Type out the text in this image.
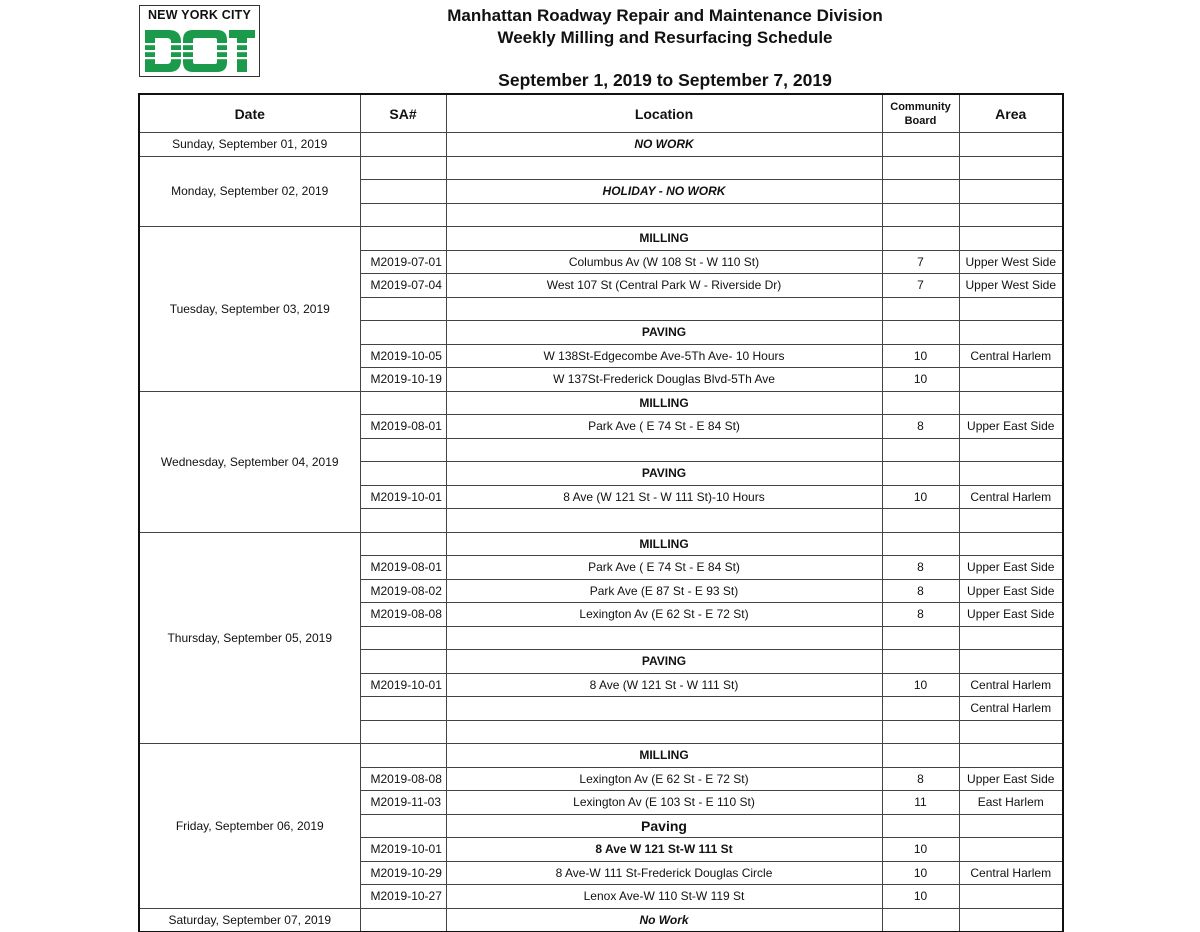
NEW YORK CITY	Manhattan Roadway Repair and Maintenance Division
Weekly Milling and Resurfacing Schedule
September 1, 2019 to September 7, 2019
Date	SA#	Location	Community Board	Area
Sunday, September 01, 2019		NO WORK		
Monday, September 02, 2019				
		HOLIDAY - NO WORK		

Tuesday, September 03, 2019		MILLING		
	M2019-07-01	Columbus Av (W 108 St - W 110 St)	7	Upper West Side
	M2019-07-04	West 107 St (Central Park W - Riverside Dr)	7	Upper West Side

		PAVING		
	M2019-10-05	W 138St-Edgecombe Ave-5Th Ave- 10 Hours	10	Central Harlem
	M2019-10-19	W 137St-Frederick Douglas Blvd-5Th Ave	10	
Wednesday, September 04, 2019		MILLING		
	M2019-08-01	Park Ave ( E 74 St - E 84 St)	8	Upper East Side

		PAVING		
	M2019-10-01	8 Ave (W 121 St - W 111 St)-10 Hours	10	Central Harlem

Thursday, September 05, 2019		MILLING		
	M2019-08-01	Park Ave ( E 74 St - E 84 St)	8	Upper East Side
	M2019-08-02	Park Ave (E 87 St - E 93 St)	8	Upper East Side
	M2019-08-08	Lexington Av (E 62 St - E 72 St)	8	Upper East Side

		PAVING		
	M2019-10-01	8 Ave (W 121 St - W 111 St)	10	Central Harlem
				Central Harlem

Friday, September 06, 2019		MILLING		
	M2019-08-08	Lexington Av (E 62 St - E 72 St)	8	Upper East Side
	M2019-11-03	Lexington Av (E 103 St - E 110 St)	11	East Harlem
		Paving		
	M2019-10-01	8 Ave W 121 St-W 111 St	10	
	M2019-10-29	8 Ave-W 111 St-Frederick Douglas Circle	10	Central Harlem
	M2019-10-27	Lenox Ave-W 110 St-W 119 St	10	
Saturday, September 07, 2019		No Work		
